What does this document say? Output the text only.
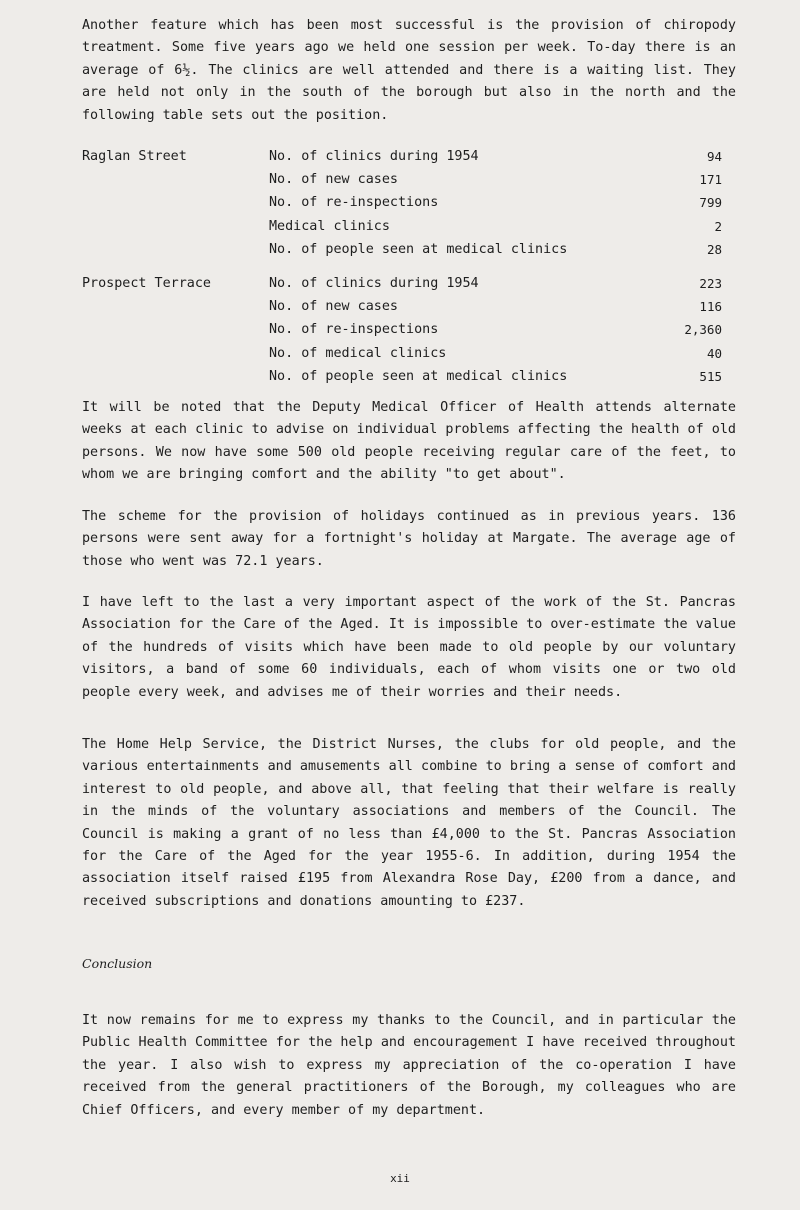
Another feature which has been most successful is the provision of chiropody treatment. Some five years ago we held one session per week. To-day there is an average of 6½. The clinics are well attended and there is a waiting list. They are held not only in the south of the borough but also in the north and the following table sets out the position.

Raglan Street	No. of clinics during 1954	94
No. of new cases	171
No. of re-inspections	799
Medical clinics	2
No. of people seen at medical clinics	28
Prospect Terrace	No. of clinics during 1954	223
No. of new cases	116
No. of re-inspections	2,360
No. of medical clinics	40
No. of people seen at medical clinics	515

It will be noted that the Deputy Medical Officer of Health attends alternate weeks at each clinic to advise on individual problems affecting the health of old persons. We now have some 500 old people receiving regular care of the feet, to whom we are bringing comfort and the ability "to get about".

The scheme for the provision of holidays continued as in previous years. 136 persons were sent away for a fortnight's holiday at Margate. The average age of those who went was 72.1 years.

I have left to the last a very important aspect of the work of the St. Pancras Association for the Care of the Aged. It is impossible to over-estimate the value of the hundreds of visits which have been made to old people by our voluntary visitors, a band of some 60 individuals, each of whom visits one or two old people every week, and advises me of their worries and their needs.

The Home Help Service, the District Nurses, the clubs for old people, and the various entertainments and amusements all combine to bring a sense of comfort and interest to old people, and above all, that feeling that their welfare is really in the minds of the voluntary associations and members of the Council. The Council is making a grant of no less than £4,000 to the St. Pancras Association for the Care of the Aged for the year 1955-6. In addition, during 1954 the association itself raised £195 from Alexandra Rose Day, £200 from a dance, and received subscriptions and donations amounting to £237.

Conclusion

It now remains for me to express my thanks to the Council, and in particular the Public Health Committee for the help and encouragement I have received throughout the year. I also wish to express my appreciation of the co-operation I have received from the general practitioners of the Borough, my colleagues who are Chief Officers, and every member of my department.

xii
